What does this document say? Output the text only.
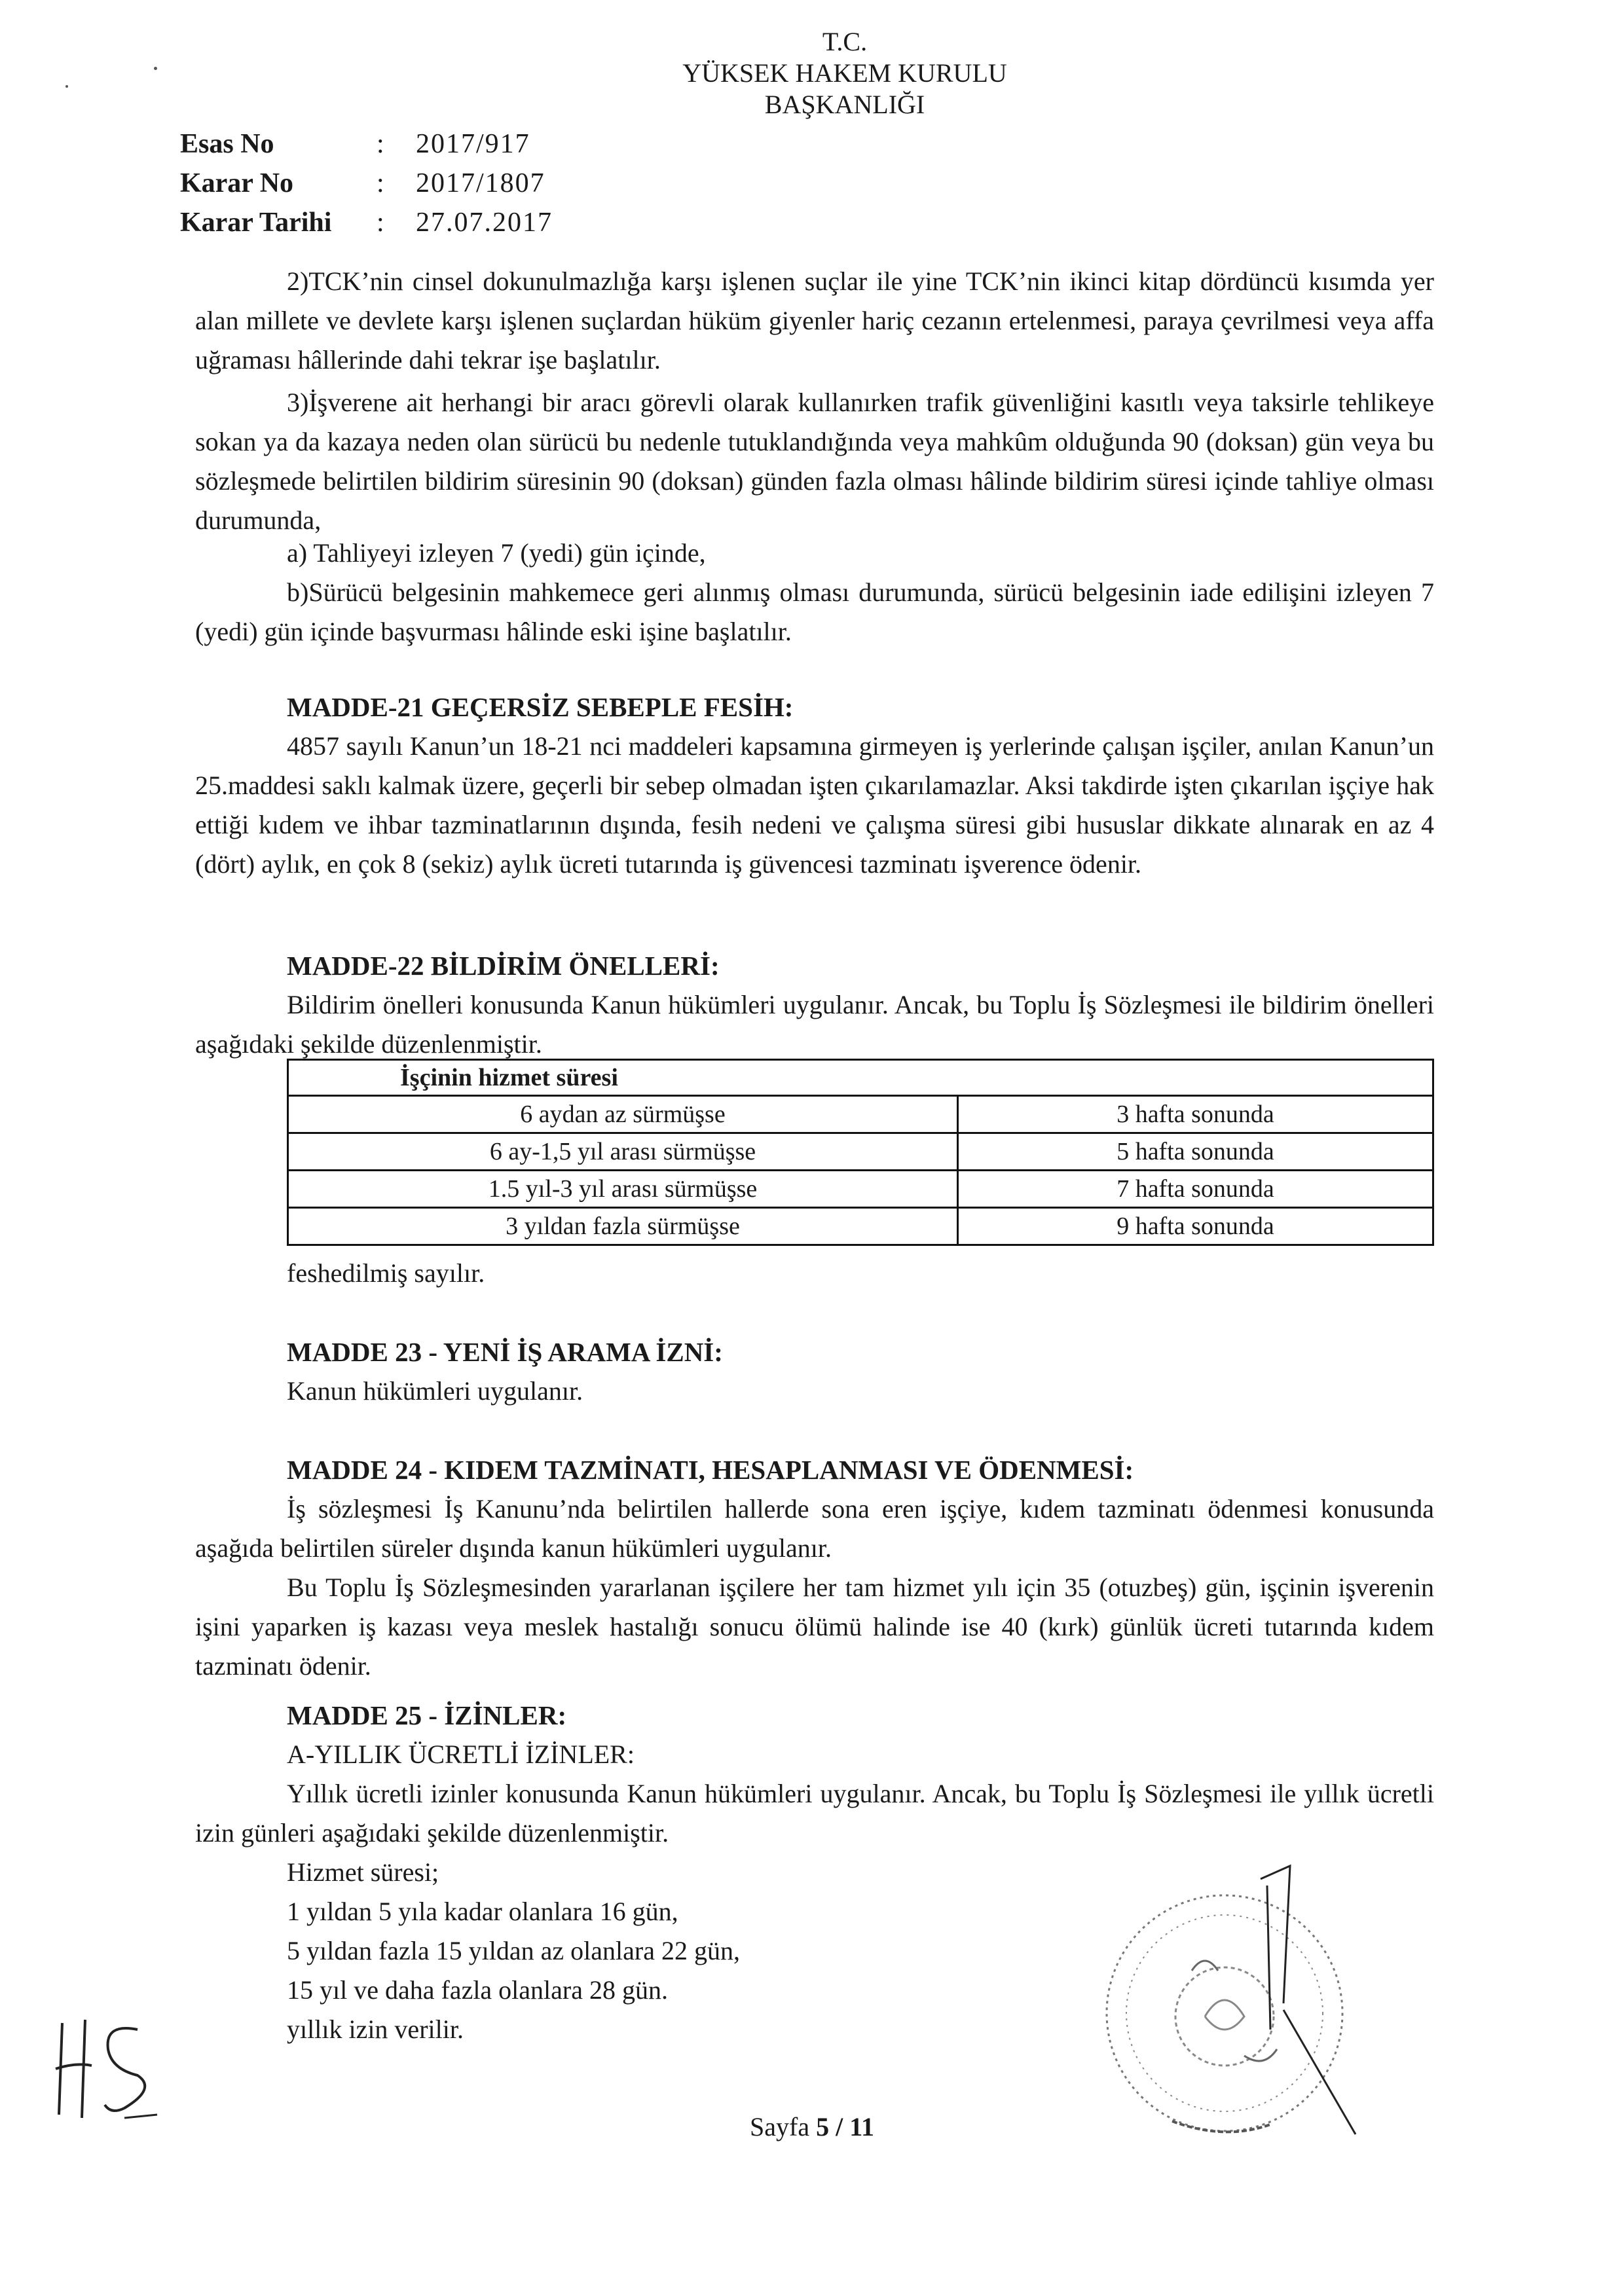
T.C.
YÜKSEK HAKEM KURULU
BAŞKANLIĞI
Esas No	:	2017/917
Karar No	:	2017/1807
Karar Tarihi	:	27.07.2017
2)TCK’nin cinsel dokunulmazlığa karşı işlenen suçlar ile yine TCK’nin ikinci kitap dördüncü kısımda yer alan millete ve devlete karşı işlenen suçlardan hüküm giyenler hariç cezanın ertelenmesi, paraya çevrilmesi veya affa uğraması hâllerinde dahi tekrar işe başlatılır.
3)İşverene ait herhangi bir aracı görevli olarak kullanırken trafik güvenliğini kasıtlı veya taksirle tehlikeye sokan ya da kazaya neden olan sürücü bu nedenle tutuklandığında veya mahkûm olduğunda 90 (doksan) gün veya bu sözleşmede belirtilen bildirim süresinin 90 (doksan) günden fazla olması hâlinde bildirim süresi içinde tahliye olması durumunda,
a) Tahliyeyi izleyen 7 (yedi) gün içinde,
b)Sürücü belgesinin mahkemece geri alınmış olması durumunda, sürücü belgesinin iade edilişini izleyen 7 (yedi) gün içinde başvurması hâlinde eski işine başlatılır.
MADDE-21 GEÇERSİZ SEBEPLE FESİH:
4857 sayılı Kanun’un 18-21 nci maddeleri kapsamına girmeyen iş yerlerinde çalışan işçiler, anılan Kanun’un 25.maddesi saklı kalmak üzere, geçerli bir sebep olmadan işten çıkarılamazlar. Aksi takdirde işten çıkarılan işçiye hak ettiği kıdem ve ihbar tazminatlarının dışında, fesih nedeni ve çalışma süresi gibi hususlar dikkate alınarak en az 4 (dört) aylık, en çok 8 (sekiz) aylık ücreti tutarında iş güvencesi tazminatı işverence ödenir.
MADDE-22 BİLDİRİM ÖNELLERİ:
Bildirim önelleri konusunda Kanun hükümleri uygulanır. Ancak, bu Toplu İş Sözleşmesi ile bildirim önelleri aşağıdaki şekilde düzenlenmiştir.
İşçinin hizmet süresi	
6 aydan az sürmüşse	3 hafta sonunda
6 ay-1,5 yıl arası sürmüşse	5 hafta sonunda
1.5 yıl-3 yıl arası sürmüşse	7 hafta sonunda
3 yıldan fazla sürmüşse	9 hafta sonunda
feshedilmiş sayılır.
MADDE 23 - YENİ İŞ ARAMA İZNİ:
Kanun hükümleri uygulanır.
MADDE 24 - KIDEM TAZMİNATI, HESAPLANMASI VE ÖDENMESİ:
İş sözleşmesi İş Kanunu’nda belirtilen hallerde sona eren işçiye, kıdem tazminatı ödenmesi konusunda aşağıda belirtilen süreler dışında kanun hükümleri uygulanır.
Bu Toplu İş Sözleşmesinden yararlanan işçilere her tam hizmet yılı için 35 (otuzbeş) gün, işçinin işverenin işini yaparken iş kazası veya meslek hastalığı sonucu ölümü halinde ise 40 (kırk) günlük ücreti tutarında kıdem tazminatı ödenir.
MADDE 25 - İZİNLER:
A-YILLIK ÜCRETLİ İZİNLER:
Yıllık ücretli izinler konusunda Kanun hükümleri uygulanır. Ancak, bu Toplu İş Sözleşmesi ile yıllık ücretli izin günleri aşağıdaki şekilde düzenlenmiştir.
Hizmet süresi;
1 yıldan 5 yıla kadar olanlara 16 gün,
5 yıldan fazla 15 yıldan az olanlara 22 gün,
15 yıl ve daha fazla olanlara 28 gün.
yıllık izin verilir.
Sayfa 5 / 11
